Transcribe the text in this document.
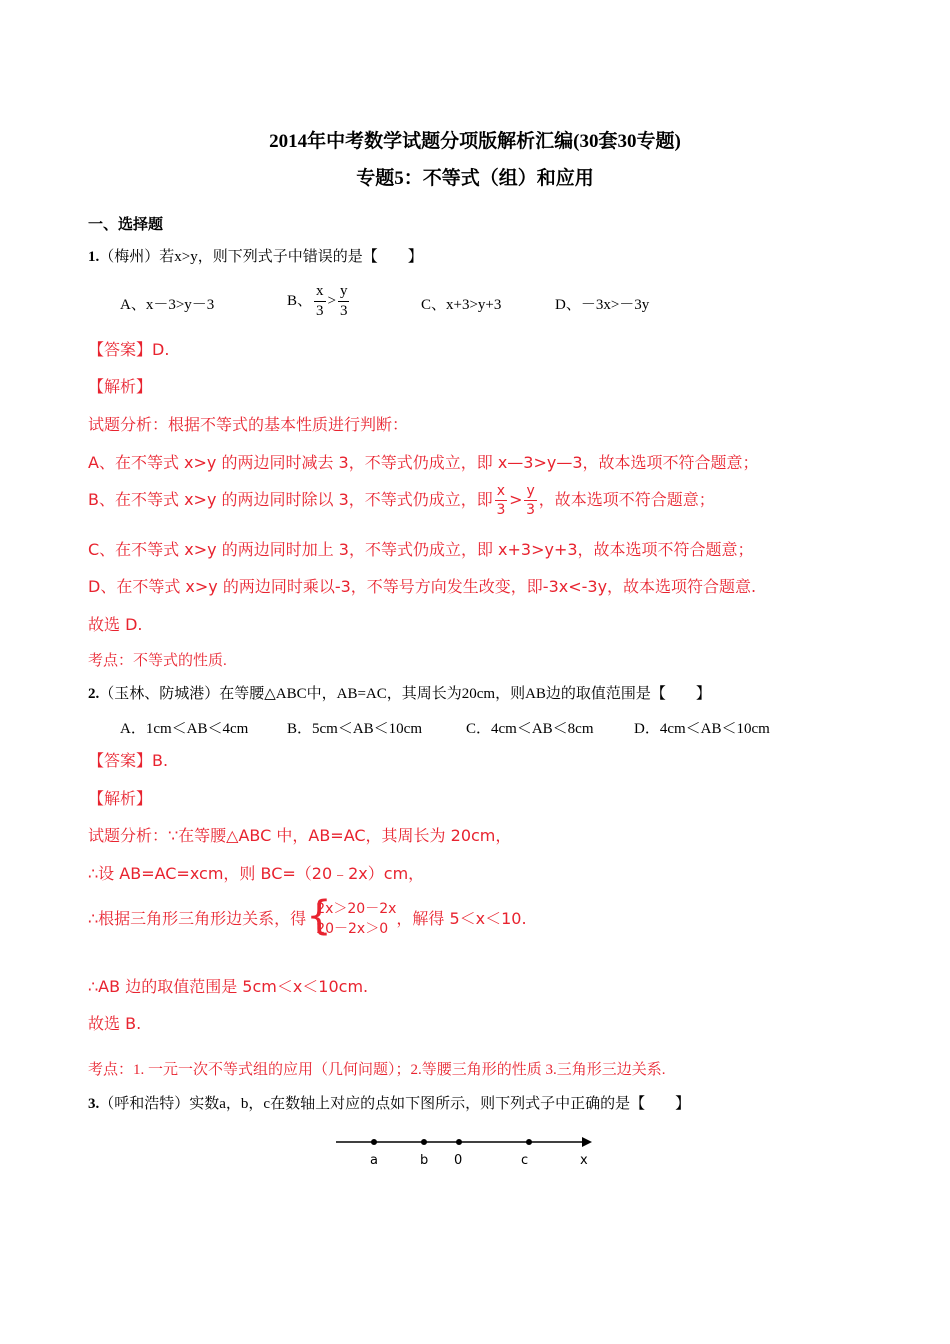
2014年中考数学试题分项版解析汇编(30套30专题)
专题5：不等式（组）和应用
一、选择题
1.（梅州）若x>y，则下列式子中错误的是【　　】
A、x－3>y－3	B、 $\frac{x}{3} > \frac{y}{3}$	C、x+3>y+3	D、－3x>－3y
【答案】D.
【解析】
试题分析：根据不等式的基本性质进行判断：
A、在不等式 x>y 的两边同时减去 3，不等式仍成立，即 x—3>y—3，故本选项不符合题意；
B、在不等式 x>y 的两边同时除以 3，不等式仍成立，即 $\frac{x}{3} > \frac{y}{3}$ ，故本选项不符合题意；
C、在不等式 x>y 的两边同时加上 3，不等式仍成立，即 x+3>y+3，故本选项不符合题意；
D、在不等式 x>y 的两边同时乘以-3，不等号方向发生改变，即-3x<-3y，故本选项符合题意.
故选 D.
考点：不等式的性质.
2.（玉林、防城港）在等腰△ABC中，AB=AC，其周长为20cm，则AB边的取值范围是【　　】
A．1cm＜AB＜4cm	B．5cm＜AB＜10cm	C．4cm＜AB＜8cm	D．4cm＜AB＜10cm
【答案】B.
【解析】
试题分析：∵在等腰△ABC 中，AB=AC，其周长为 20cm，
∴设 AB=AC=xcm，则 BC=（20﹣2x）cm，
∴根据三角形三角形边关系，得 {
2x＞20－2x
20－2x＞0
，解得 5＜x＜10.
∴AB 边的取值范围是 5cm＜x＜10cm.
故选 B.
考点：1. 一元一次不等式组的应用（几何问题）；2.等腰三角形的性质 3.三角形三边关系.
3.（呼和浩特）实数a，b，c在数轴上对应的点如下图所示，则下列式子中正确的是【　　】
a	b 0	c	x
